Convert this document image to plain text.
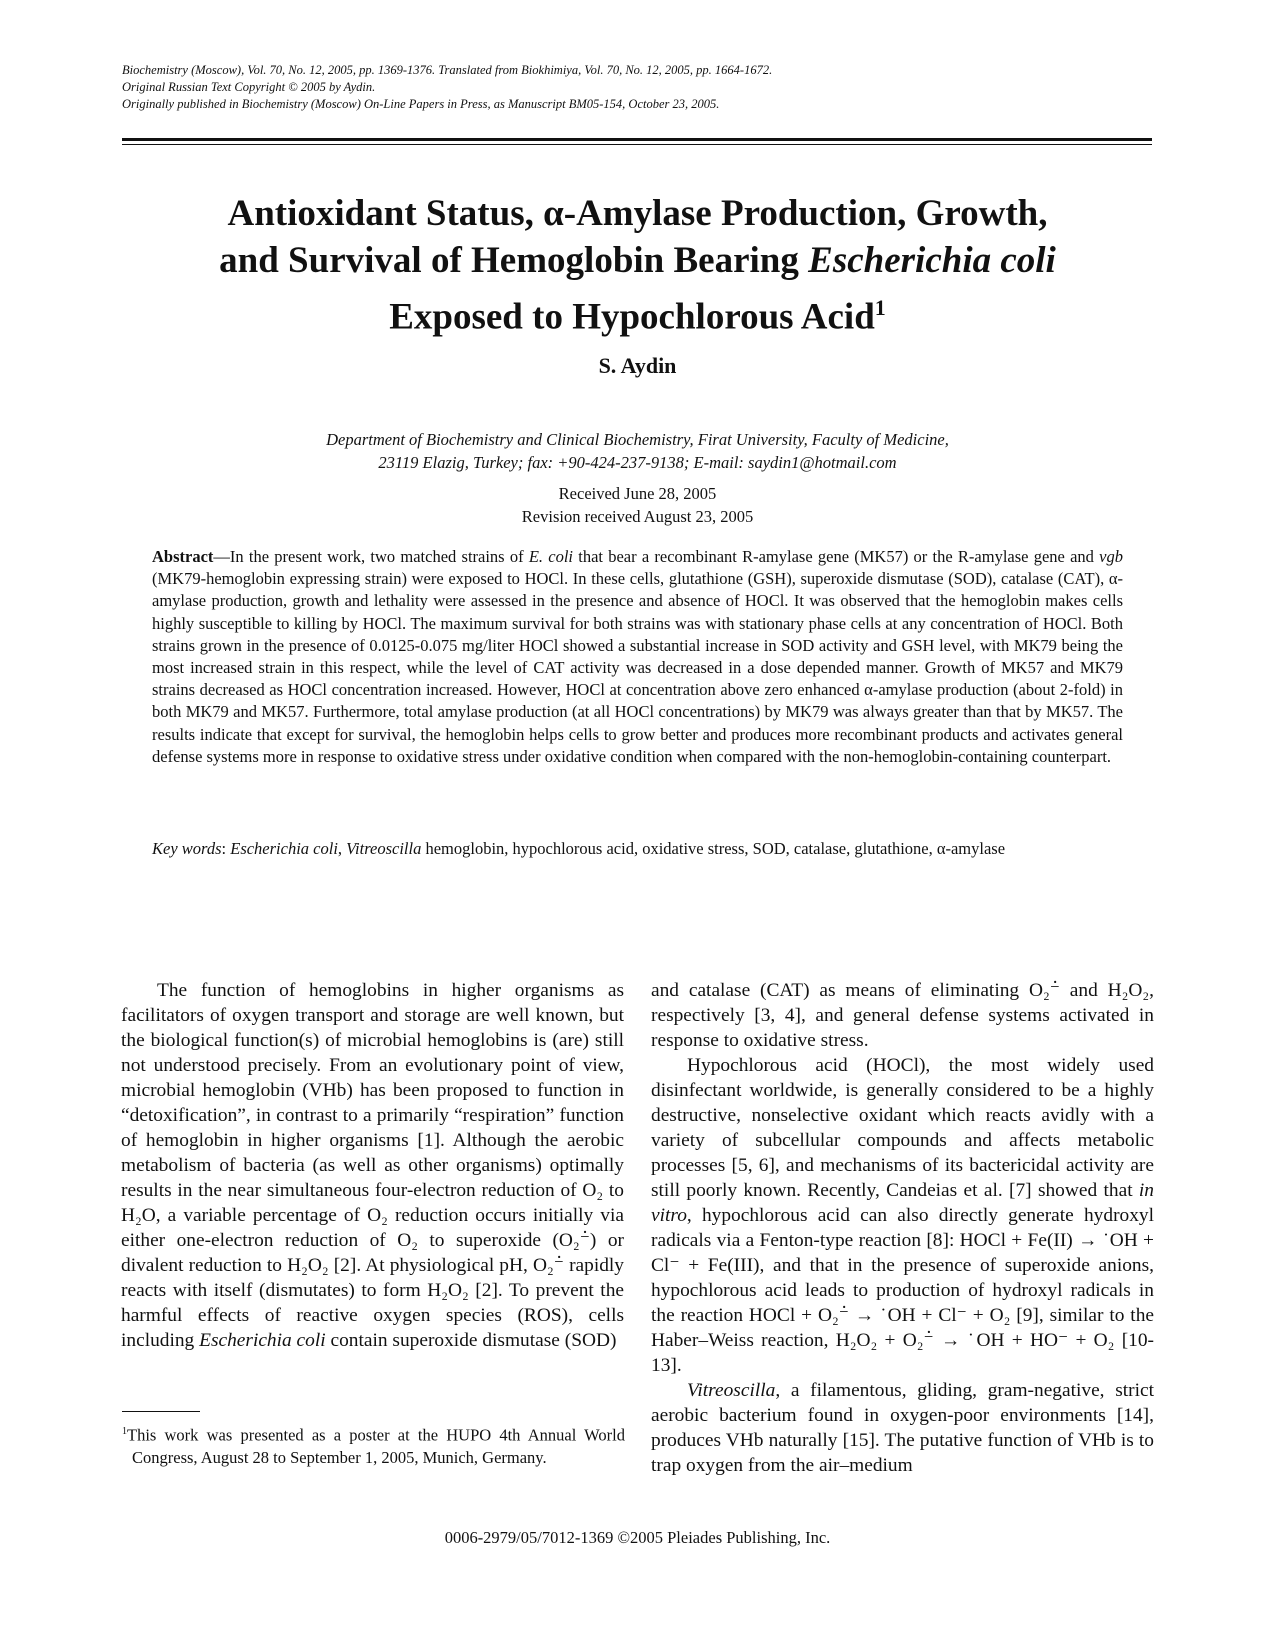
Biochemistry (Moscow), Vol. 70, No. 12, 2005, pp. 1369-1376. Translated from Biokhimiya, Vol. 70, No. 12, 2005, pp. 1664-1672.
Original Russian Text Copyright © 2005 by Aydin.
Originally published in Biochemistry (Moscow) On-Line Papers in Press, as Manuscript BM05-154, October 23, 2005.
Antioxidant Status, α-Amylase Production, Growth,
and Survival of Hemoglobin Bearing Escherichia coli
Exposed to Hypochlorous Acid$^1$
S. Aydin
Department of Biochemistry and Clinical Biochemistry, Firat University, Faculty of Medicine,
23119 Elazig, Turkey; fax: +90-424-237-9138; E-mail: saydin1@hotmail.com
Received June 28, 2005
Revision received August 23, 2005
Abstract—In the present work, two matched strains of E. coli that bear a recombinant R-amylase gene (MK57) or the R-amylase gene and vgb (MK79-hemoglobin expressing strain) were exposed to HOCl. In these cells, glutathione (GSH), superoxide dismutase (SOD), catalase (CAT), α-amylase production, growth and lethality were assessed in the presence and absence of HOCl. It was observed that the hemoglobin makes cells highly susceptible to killing by HOCl. The maximum survival for both strains was with stationary phase cells at any concentration of HOCl. Both strains grown in the presence of 0.0125-0.075 mg/liter HOCl showed a substantial increase in SOD activity and GSH level, with MK79 being the most increased strain in this respect, while the level of CAT activity was decreased in a dose depended manner. Growth of MK57 and MK79 strains decreased as HOCl concentration increased. However, HOCl at concentration above zero enhanced α-amylase production (about 2-fold) in both MK79 and MK57. Furthermore, total amylase production (at all HOCl concentrations) by MK79 was always greater than that by MK57. The results indicate that except for survival, the hemoglobin helps cells to grow better and produces more recombinant products and activates general defense systems more in response to oxidative stress under oxidative condition when compared with the non-hemoglobin-containing counterpart.
Key words: Escherichia coli, Vitreoscilla hemoglobin, hypochlorous acid, oxidative stress, SOD, catalase, glutathione, α-amylase

The function of hemoglobins in higher organisms as facilitators of oxygen transport and storage are well known, but the biological function(s) of microbial hemoglobins is (are) still not understood precisely. From an evolutionary point of view, microbial hemoglobin (VHb) has been proposed to function in “detoxification”, in contrast to a primarily “respiration” function of hemoglobin in higher organisms [1]. Although the aerobic metabolism of bacteria (as well as other organisms) optimally results in the near simultaneous four-electron reduction of O₂ to H₂O, a variable percentage of O₂ reduction occurs initially via either one-electron reduction of O₂ to superoxide (O₂⁻̇) or divalent reduction to H₂O₂ [2]. At physiological pH, O₂⁻̇ rapidly reacts with itself (dismutates) to form H₂O₂ [2]. To prevent the harmful effects of reactive oxygen species (ROS), cells including Escherichia coli contain superoxide dismutase (SOD)

and catalase (CAT) as means of eliminating O₂⁻̇ and H₂O₂, respectively [3, 4], and general defense systems activated in response to oxidative stress.

Hypochlorous acid (HOCl), the most widely used disinfectant worldwide, is generally considered to be a highly destructive, nonselective oxidant which reacts avidly with a variety of subcellular compounds and affects metabolic processes [5, 6], and mechanisms of its bactericidal activity are still poorly known. Recently, Candeias et al. [7] showed that in vitro, hypochlorous acid can also directly generate hydroxyl radicals via a Fenton-type reaction [8]: HOCl + Fe(II) → ˙OH + Cl⁻ + Fe(III), and that in the presence of superoxide anions, hypochlorous acid leads to production of hydroxyl radicals in the reaction HOCl + O₂⁻̇ → ˙OH + Cl⁻ + O₂ [9], similar to the Haber–Weiss reaction, H₂O₂ + O₂⁻̇ → ˙OH + HO⁻ + O₂ [10-13].

Vitreoscilla, a filamentous, gliding, gram-negative, strict aerobic bacterium found in oxygen-poor environments [14], produces VHb naturally [15]. The putative function of VHb is to trap oxygen from the air–medium

$^1$This work was presented as a poster at the HUPO 4th Annual World Congress, August 28 to September 1, 2005, Munich, Germany.
0006-2979/05/7012-1369 ©2005 Pleiades Publishing, Inc.
